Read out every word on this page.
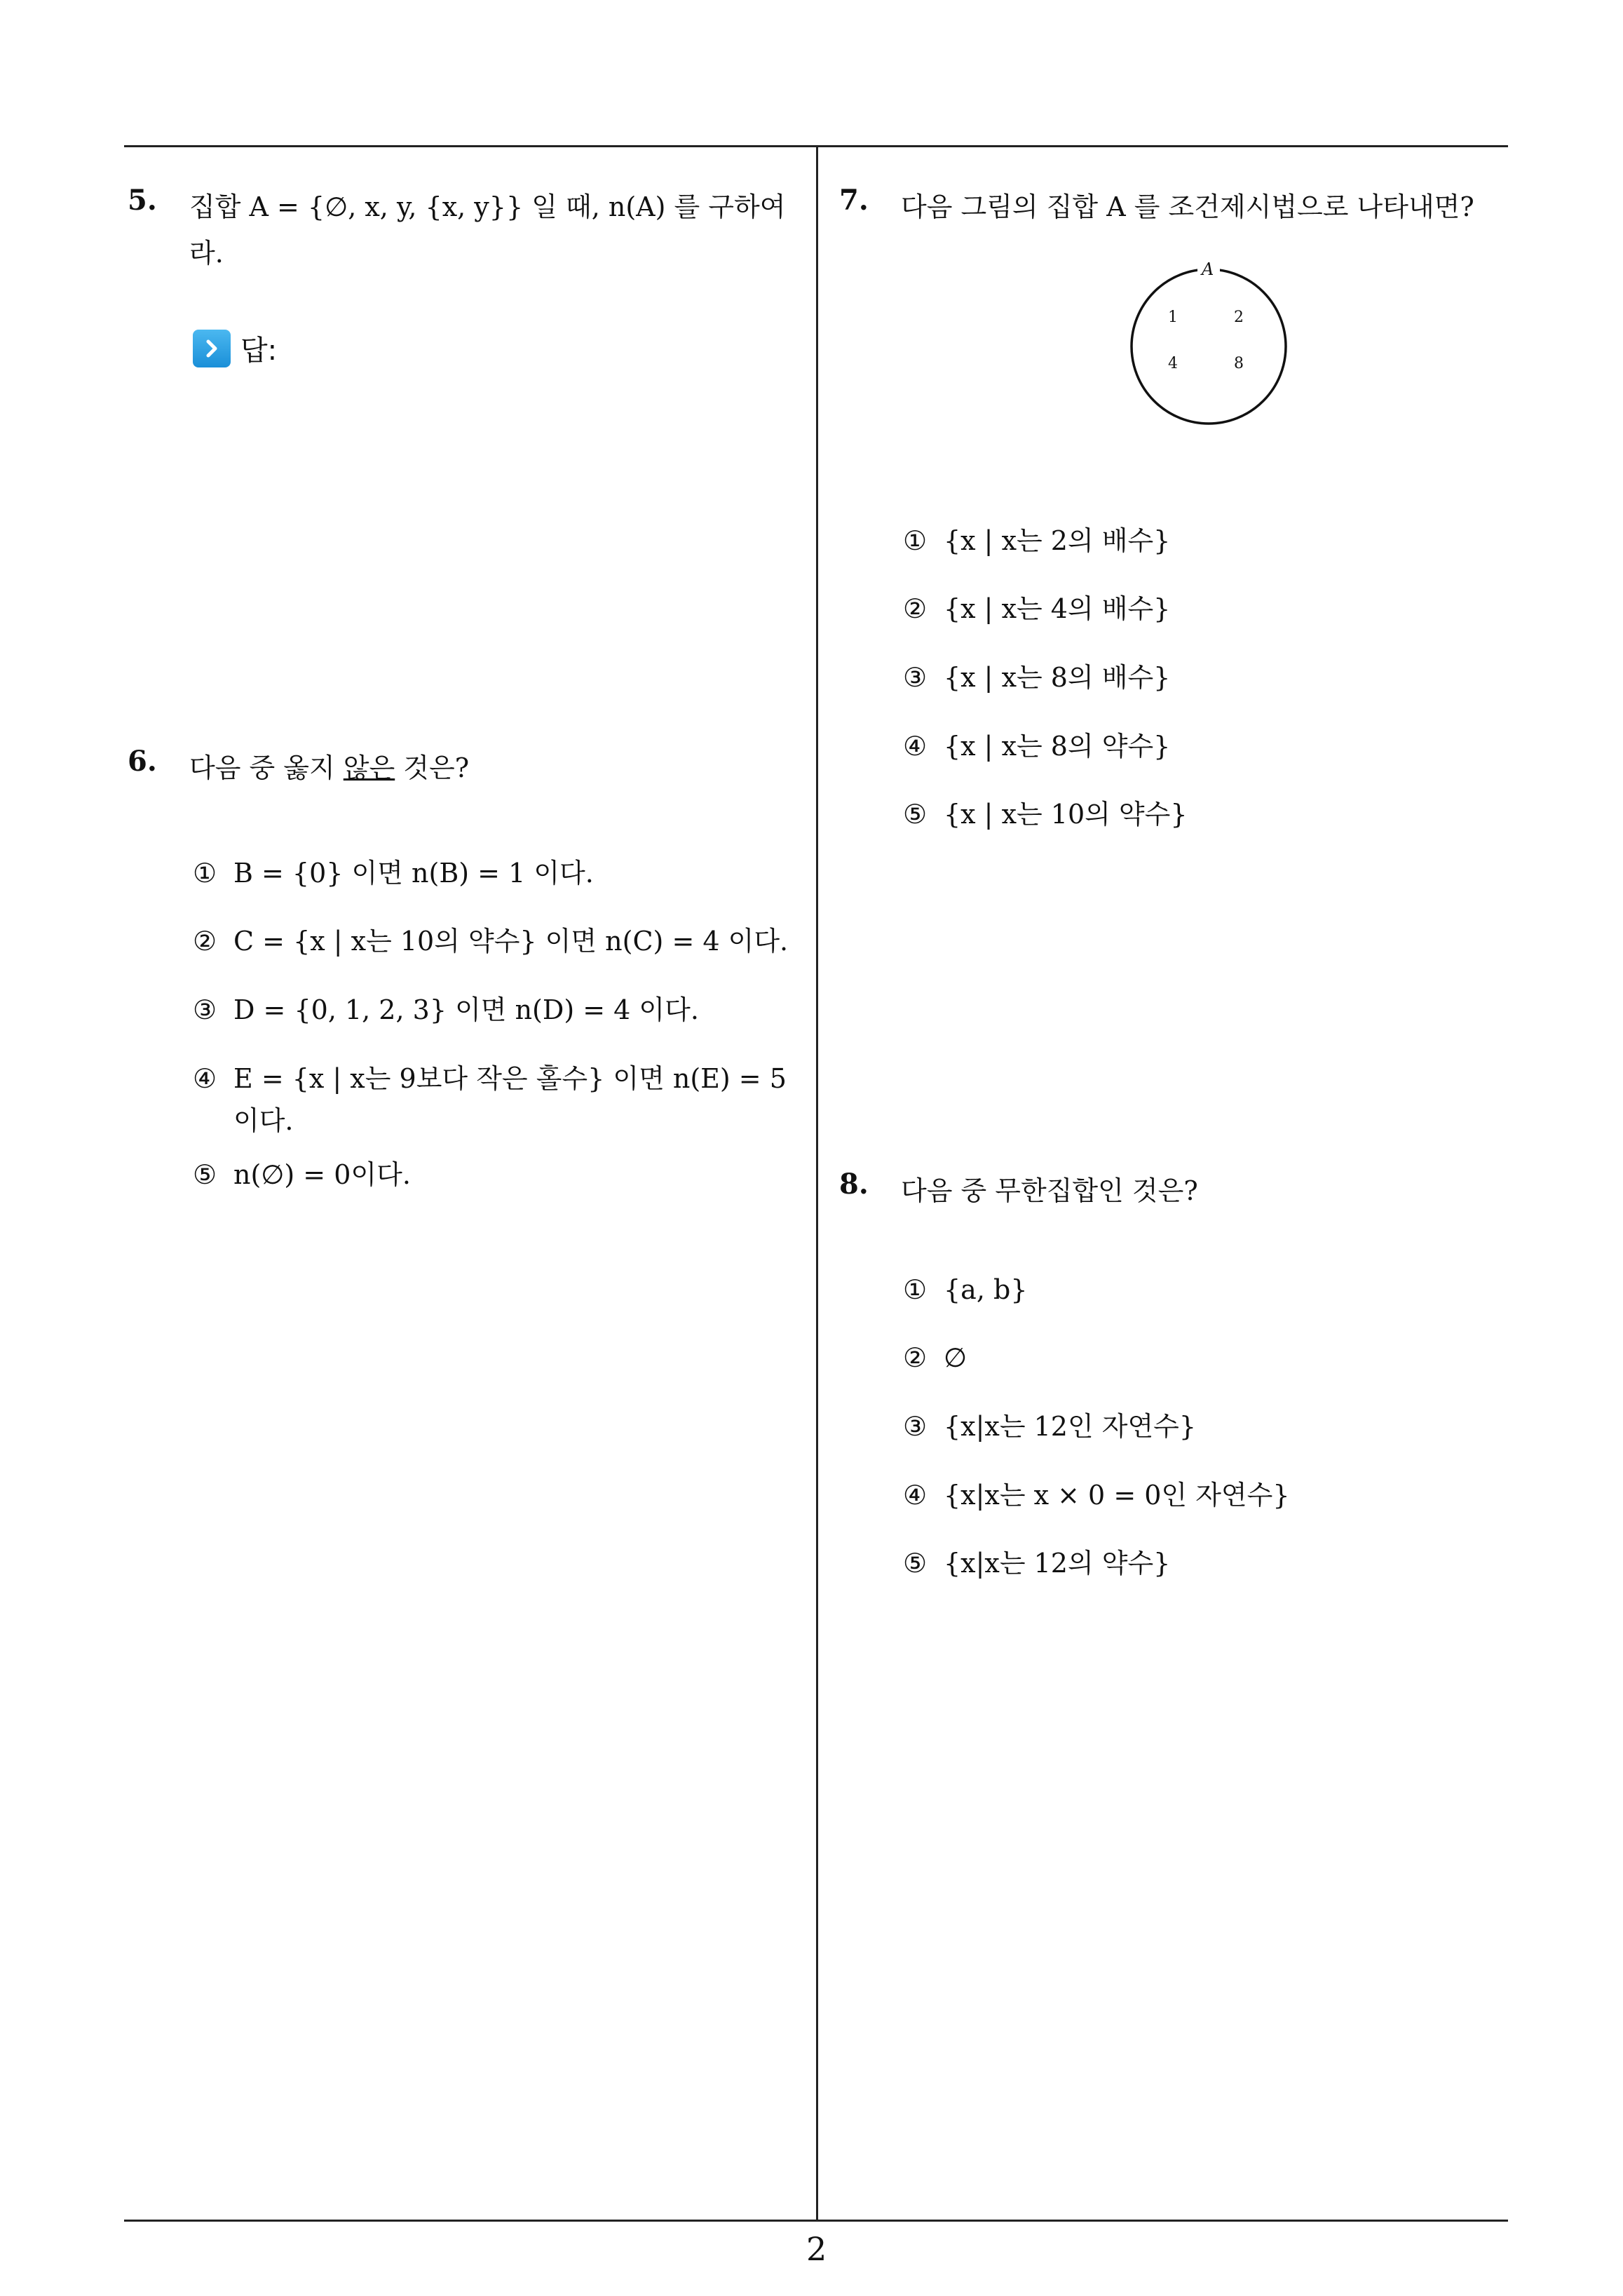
5. 집합 A = {∅, x, y, {x, y}} 일 때, n(A) 를 구하여
라.
답:
6. 다음 중 옳지 않은 것은?
① B = {0} 이면 n(B) = 1 이다.
② C = {x | x는 10의 약수} 이면 n(C) = 4 이다.
③ D = {0, 1, 2, 3} 이면 n(D) = 4 이다.
④ E = {x | x는 9보다 작은 홀수} 이면 n(E) = 5
이다.
⑤ n(∅) = 0이다.
7. 다음 그림의 집합 A 를 조건제시법으로 나타내면?
A
1	2
4	8
① {x | x는 2의 배수}
② {x | x는 4의 배수}
③ {x | x는 8의 배수}
④ {x | x는 8의 약수}
⑤ {x | x는 10의 약수}
8. 다음 중 무한집합인 것은?
① {a, b}
② ∅
③ {x|x는 12인 자연수}
④ {x|x는 x × 0 = 0인 자연수}
⑤ {x|x는 12의 약수}
2
